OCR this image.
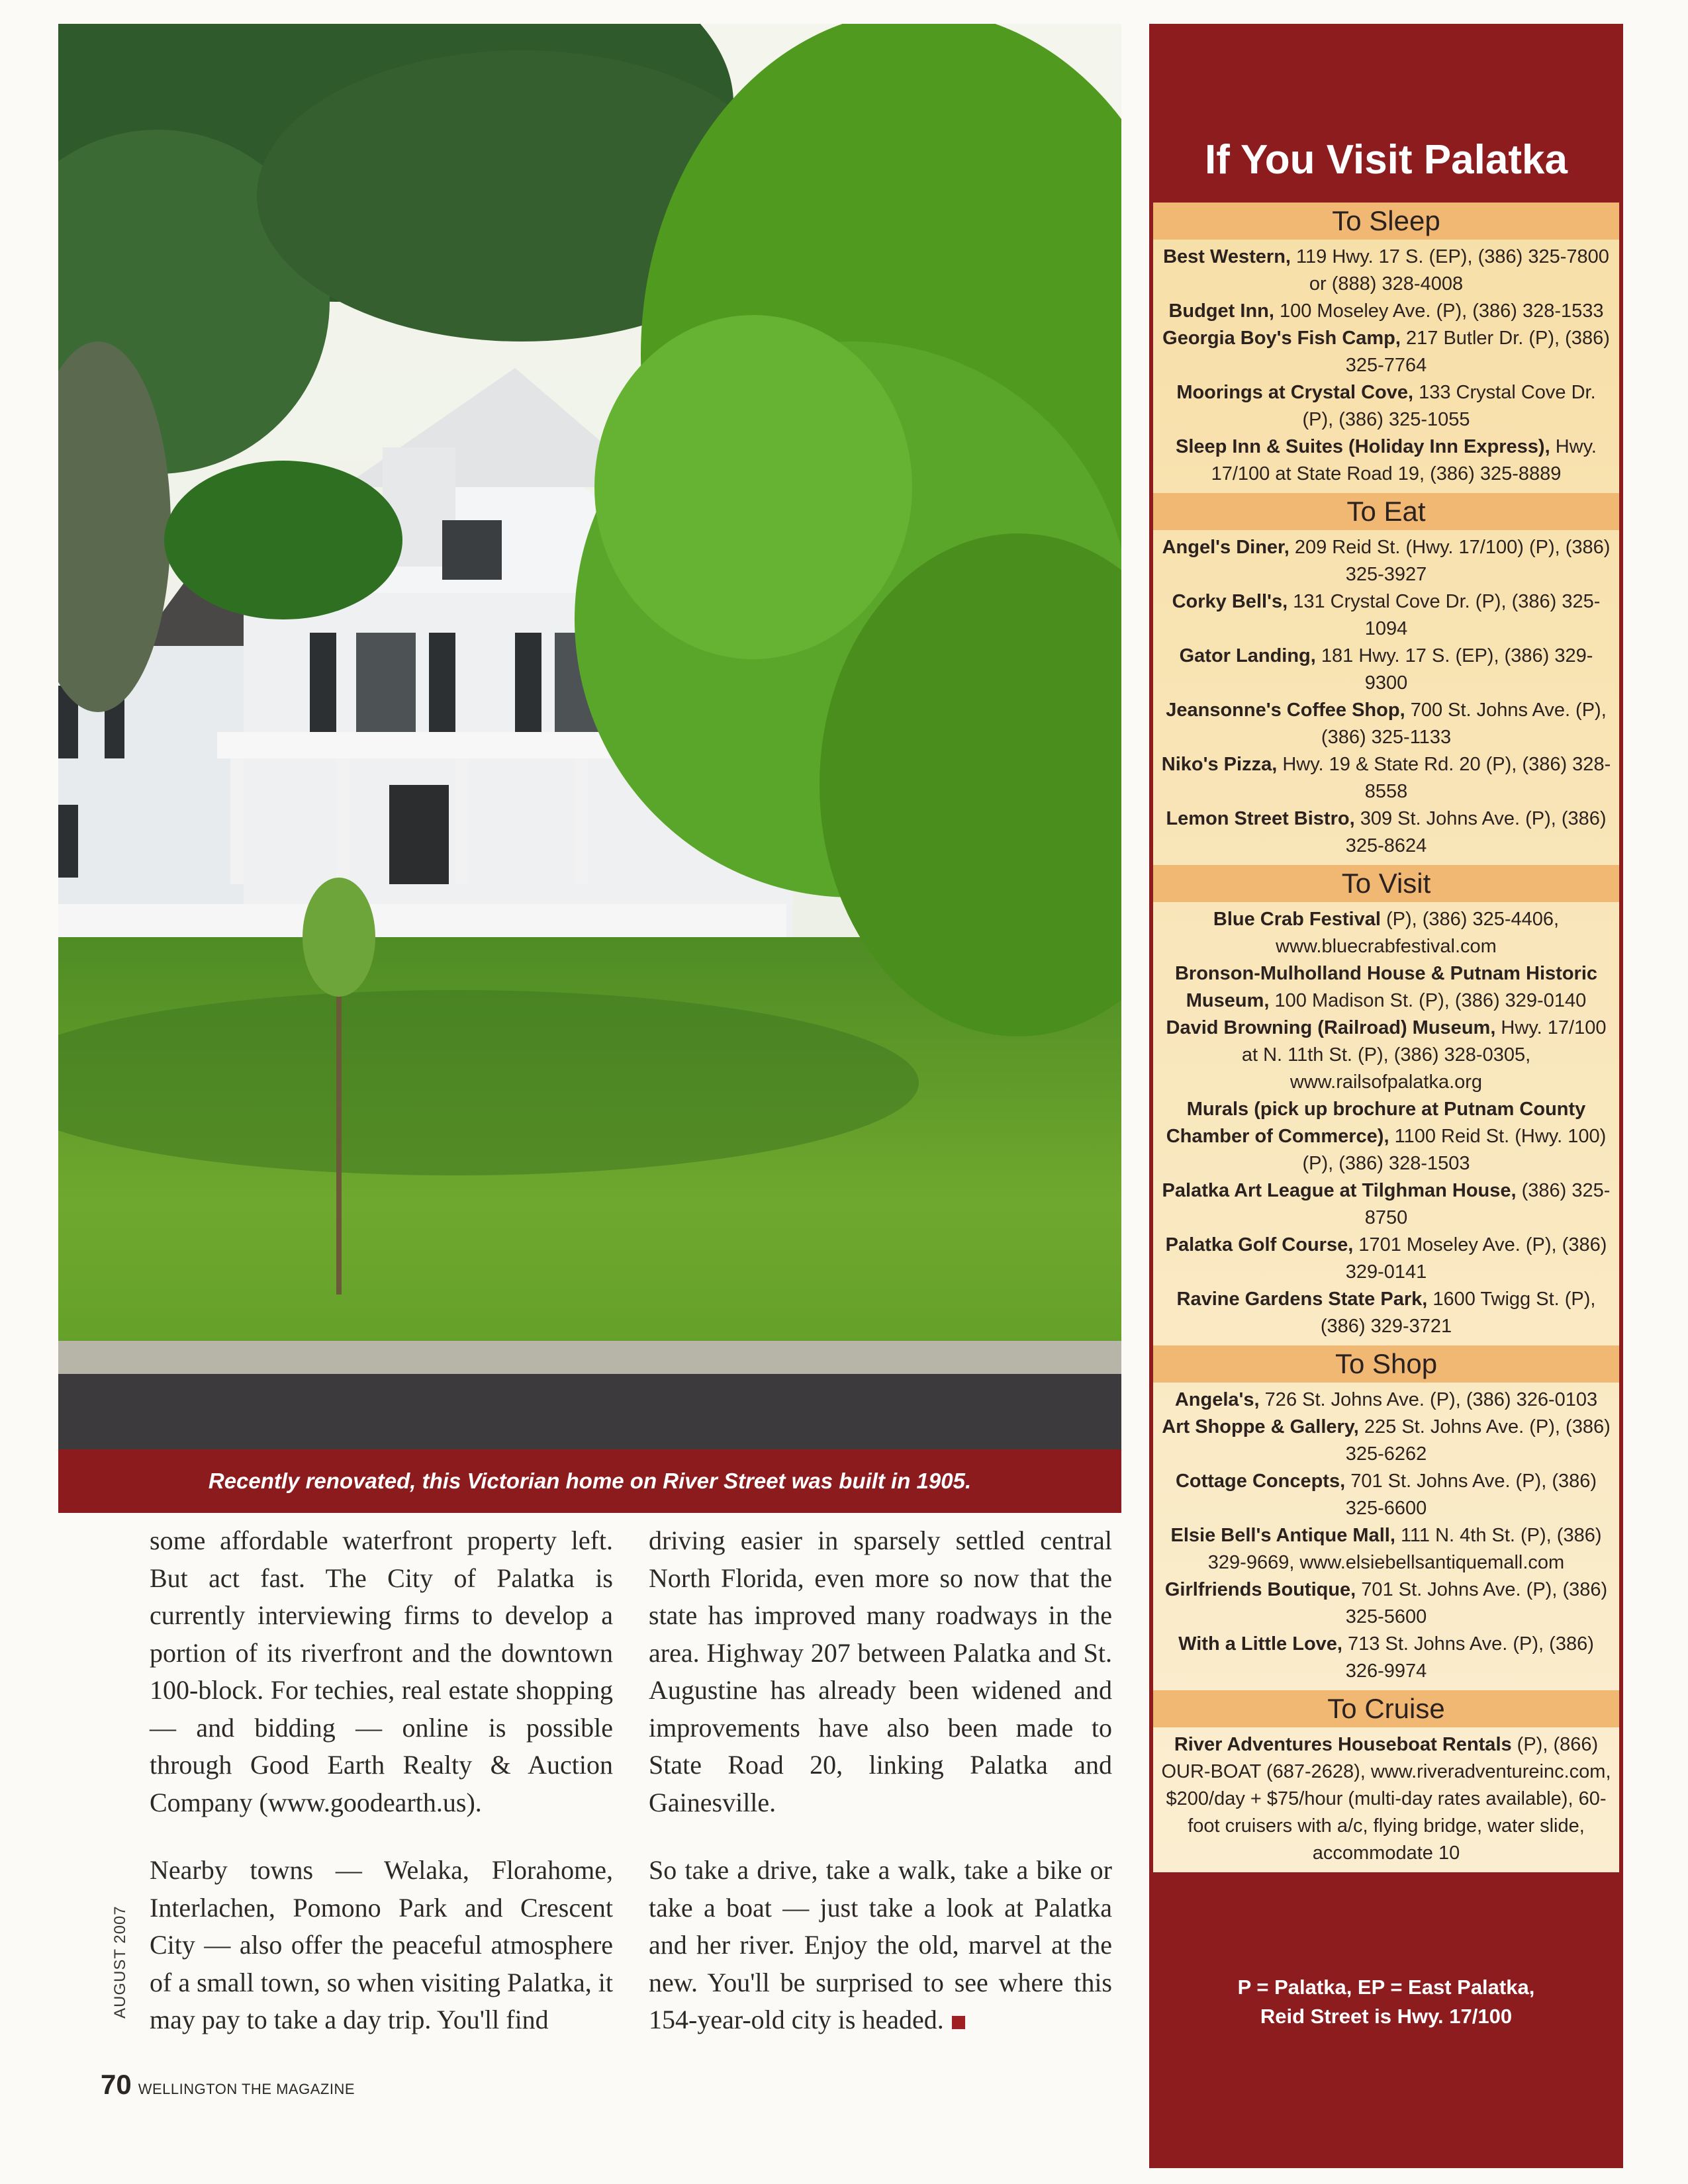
Recently renovated, this Victorian home on River Street was built in 1905.

some affordable waterfront property left. But act fast. The City of Palatka is currently interviewing firms to develop a portion of its riverfront and the downtown 100-block. For techies, real estate shopping — and bidding — online is possible through Good Earth Realty & Auction Company (www.goodearth.us).

Nearby towns — Welaka, Florahome, Interlachen, Pomono Park and Crescent City — also offer the peaceful atmosphere of a small town, so when visiting Palatka, it may pay to take a day trip. You'll find

driving easier in sparsely settled central North Florida, even more so now that the state has improved many roadways in the area. Highway 207 between Palatka and St. Augustine has already been widened and improvements have also been made to State Road 20, linking Palatka and Gainesville.

So take a drive, take a walk, take a bike or take a boat — just take a look at Palatka and her river. Enjoy the old, marvel at the new. You'll be surprised to see where this 154-year-old city is headed.

AUGUST 2007
70 WELLINGTON THE MAGAZINE
If You Visit Palatka
To Sleep

Best Western, 119 Hwy. 17 S. (EP), (386) 325-7800 or (888) 328-4008

Budget Inn, 100 Moseley Ave. (P), (386) 328-1533

Georgia Boy's Fish Camp, 217 Butler Dr. (P), (386) 325-7764

Moorings at Crystal Cove, 133 Crystal Cove Dr. (P), (386) 325-1055

Sleep Inn & Suites (Holiday Inn Express), Hwy. 17/100 at State Road 19, (386) 325-8889

To Eat

Angel's Diner, 209 Reid St. (Hwy. 17/100) (P), (386) 325-3927

Corky Bell's, 131 Crystal Cove Dr. (P), (386) 325-1094

Gator Landing, 181 Hwy. 17 S. (EP), (386) 329-9300

Jeansonne's Coffee Shop, 700 St. Johns Ave. (P), (386) 325-1133

Niko's Pizza, Hwy. 19 & State Rd. 20 (P), (386) 328-8558

Lemon Street Bistro, 309 St. Johns Ave. (P), (386) 325-8624

To Visit

Blue Crab Festival (P), (386) 325-4406, www.bluecrabfestival.com

Bronson-Mulholland House & Putnam Historic Museum, 100 Madison St. (P), (386) 329-0140

David Browning (Railroad) Museum, Hwy. 17/100 at N. 11th St. (P), (386) 328-0305, www.railsofpalatka.org

Murals (pick up brochure at Putnam County Chamber of Commerce), 1100 Reid St. (Hwy. 100) (P), (386) 328-1503

Palatka Art League at Tilghman House, (386) 325-8750

Palatka Golf Course, 1701 Moseley Ave. (P), (386) 329-0141

Ravine Gardens State Park, 1600 Twigg St. (P), (386) 329-3721

To Shop

Angela's, 726 St. Johns Ave. (P), (386) 326-0103

Art Shoppe & Gallery, 225 St. Johns Ave. (P), (386) 325-6262

Cottage Concepts, 701 St. Johns Ave. (P), (386) 325-6600

Elsie Bell's Antique Mall, 111 N. 4th St. (P), (386) 329-9669, www.elsiebellsantiquemall.com

Girlfriends Boutique, 701 St. Johns Ave. (P), (386) 325-5600

With a Little Love, 713 St. Johns Ave. (P), (386) 326-9974

To Cruise

River Adventures Houseboat Rentals (P), (866) OUR-BOAT (687-2628), www.riveradventureinc.com, $200/day + $75/hour (multi-day rates available), 60-foot cruisers with a/c, flying bridge, water slide, accommodate 10

P = Palatka, EP = East Palatka,
Reid Street is Hwy. 17/100
